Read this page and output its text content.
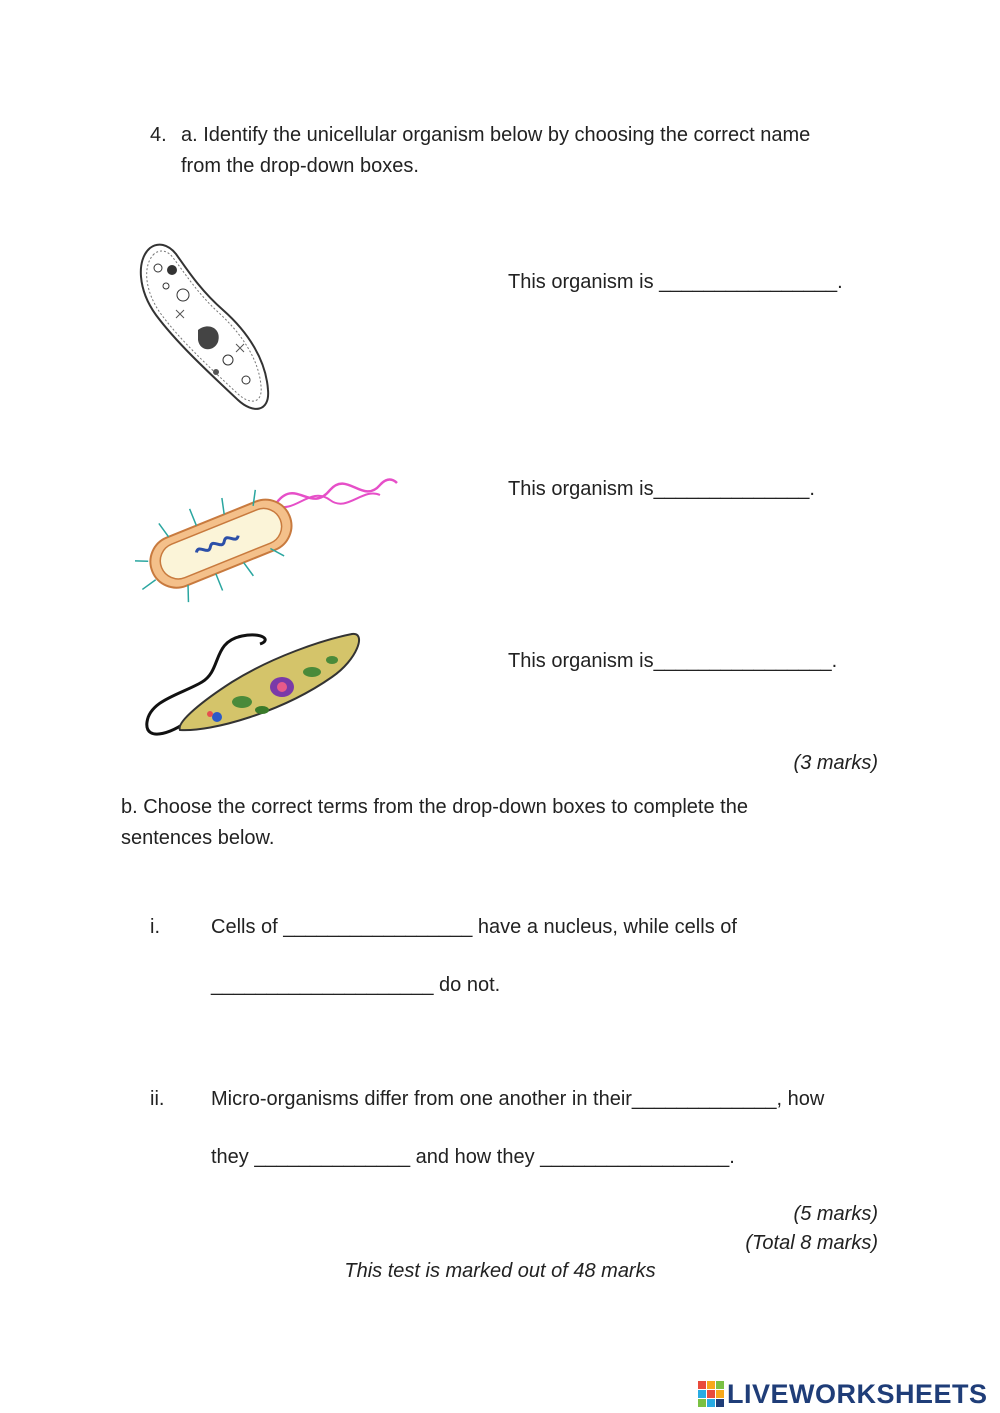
4. a. Identify the unicellular organism below by choosing the correct name
from the drop-down boxes.
This organism is ________________.
This organism is______________.
This organism is________________.
(3 marks)
b. Choose the correct terms from the drop-down boxes to complete the
sentences below.
i.	Cells of _________________ have a nucleus, while cells of
____________________ do not.
ii. Micro-organisms differ from one another in their_____________, how
they ______________ and how they _________________.
(5 marks)
(Total 8 marks)
This test is marked out of 48 marks
LIVEWORKSHEETS
